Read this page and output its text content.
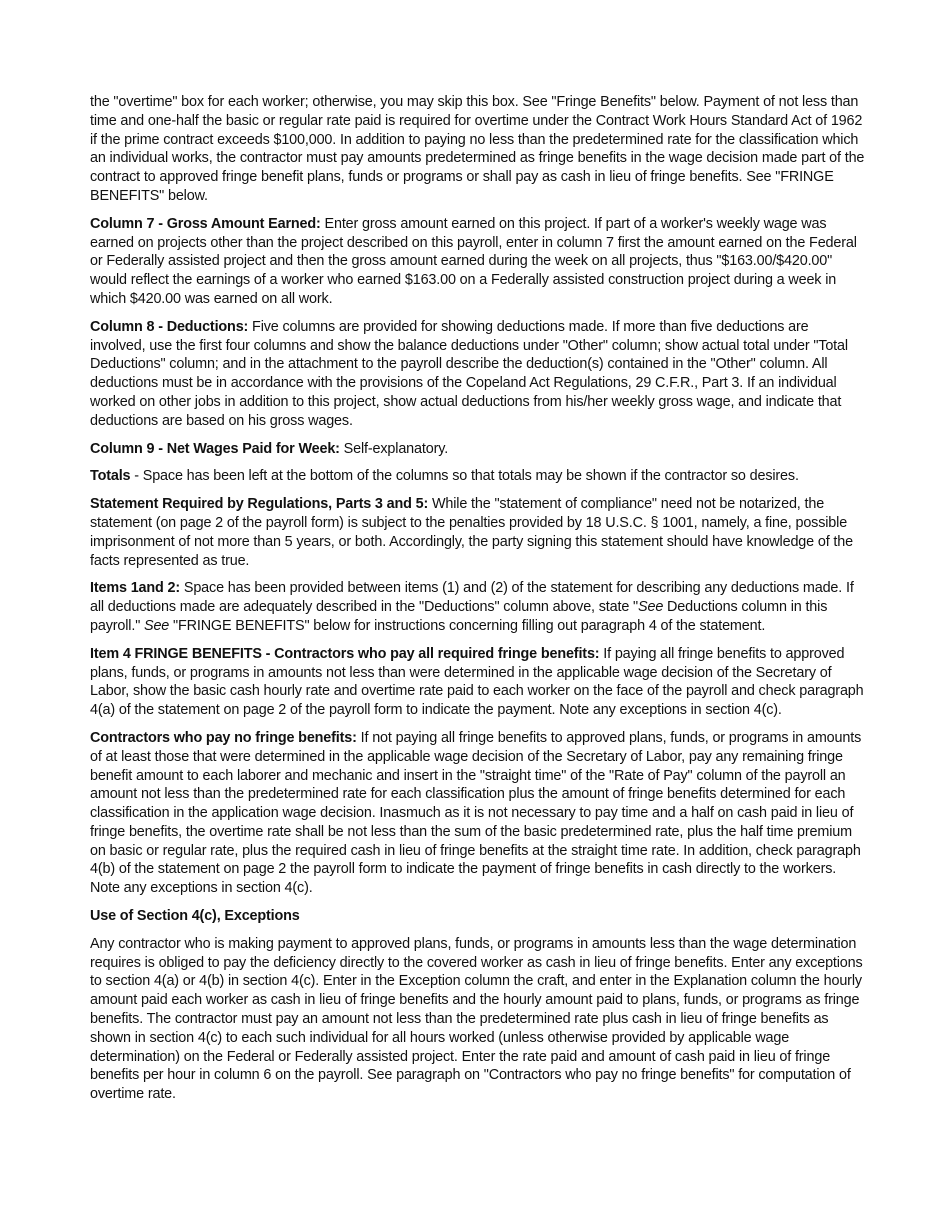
the "overtime" box for each worker; otherwise, you may skip this box. See "Fringe Benefits" below. Payment of not less than time and one-half the basic or regular rate paid is required for overtime under the Contract Work Hours Standard Act of 1962 if the prime contract exceeds $100,000. In addition to paying no less than the predetermined rate for the classification which an individual works, the contractor must pay amounts predetermined as fringe benefits in the wage decision made part of the contract to approved fringe benefit plans, funds or programs or shall pay as cash in lieu of fringe benefits. See "FRINGE BENEFITS" below.

Column 7 - Gross Amount Earned: Enter gross amount earned on this project. If part of a worker's weekly wage was earned on projects other than the project described on this payroll, enter in column 7 first the amount earned on the Federal or Federally assisted project and then the gross amount earned during the week on all projects, thus "$163.00/$420.00" would reflect the earnings of a worker who earned $163.00 on a Federally assisted construction project during a week in which $420.00 was earned on all work.

Column 8 - Deductions: Five columns are provided for showing deductions made. If more than five deductions are involved, use the first four columns and show the balance deductions under "Other" column; show actual total under "Total Deductions" column; and in the attachment to the payroll describe the deduction(s) contained in the "Other" column. All deductions must be in accordance with the provisions of the Copeland Act Regulations, 29 C.F.R., Part 3. If an individual worked on other jobs in addition to this project, show actual deductions from his/her weekly gross wage, and indicate that deductions are based on his gross wages.

Column 9 - Net Wages Paid for Week: Self-explanatory.

Totals - Space has been left at the bottom of the columns so that totals may be shown if the contractor so desires.

Statement Required by Regulations, Parts 3 and 5: While the "statement of compliance" need not be notarized, the statement (on page 2 of the payroll form) is subject to the penalties provided by 18 U.S.C. § 1001, namely, a fine, possible imprisonment of not more than 5 years, or both. Accordingly, the party signing this statement should have knowledge of the facts represented as true.

Items 1and 2: Space has been provided between items (1) and (2) of the statement for describing any deductions made. If all deductions made are adequately described in the "Deductions" column above, state "See Deductions column in this payroll." See "FRINGE BENEFITS" below for instructions concerning filling out paragraph 4 of the statement.

Item 4 FRINGE BENEFITS - Contractors who pay all required fringe benefits: If paying all fringe benefits to approved plans, funds, or programs in amounts not less than were determined in the applicable wage decision of the Secretary of Labor, show the basic cash hourly rate and overtime rate paid to each worker on the face of the payroll and check paragraph 4(a) of the statement on page 2 of the payroll form to indicate the payment. Note any exceptions in section 4(c).

Contractors who pay no fringe benefits: If not paying all fringe benefits to approved plans, funds, or programs in amounts of at least those that were determined in the applicable wage decision of the Secretary of Labor, pay any remaining fringe benefit amount to each laborer and mechanic and insert in the "straight time" of the "Rate of Pay" column of the payroll an amount not less than the predetermined rate for each classification plus the amount of fringe benefits determined for each classification in the application wage decision. Inasmuch as it is not necessary to pay time and a half on cash paid in lieu of fringe benefits, the overtime rate shall be not less than the sum of the basic predetermined rate, plus the half time premium on basic or regular rate, plus the required cash in lieu of fringe benefits at the straight time rate. In addition, check paragraph 4(b) of the statement on page 2 the payroll form to indicate the payment of fringe benefits in cash directly to the workers. Note any exceptions in section 4(c).

Use of Section 4(c), Exceptions

Any contractor who is making payment to approved plans, funds, or programs in amounts less than the wage determination requires is obliged to pay the deficiency directly to the covered worker as cash in lieu of fringe benefits. Enter any exceptions to section 4(a) or 4(b) in section 4(c). Enter in the Exception column the craft, and enter in the Explanation column the hourly amount paid each worker as cash in lieu of fringe benefits and the hourly amount paid to plans, funds, or programs as fringe benefits. The contractor must pay an amount not less than the predetermined rate plus cash in lieu of fringe benefits as shown in section 4(c) to each such individual for all hours worked (unless otherwise provided by applicable wage determination) on the Federal or Federally assisted project. Enter the rate paid and amount of cash paid in lieu of fringe benefits per hour in column 6 on the payroll. See paragraph on "Contractors who pay no fringe benefits" for computation of overtime rate.
